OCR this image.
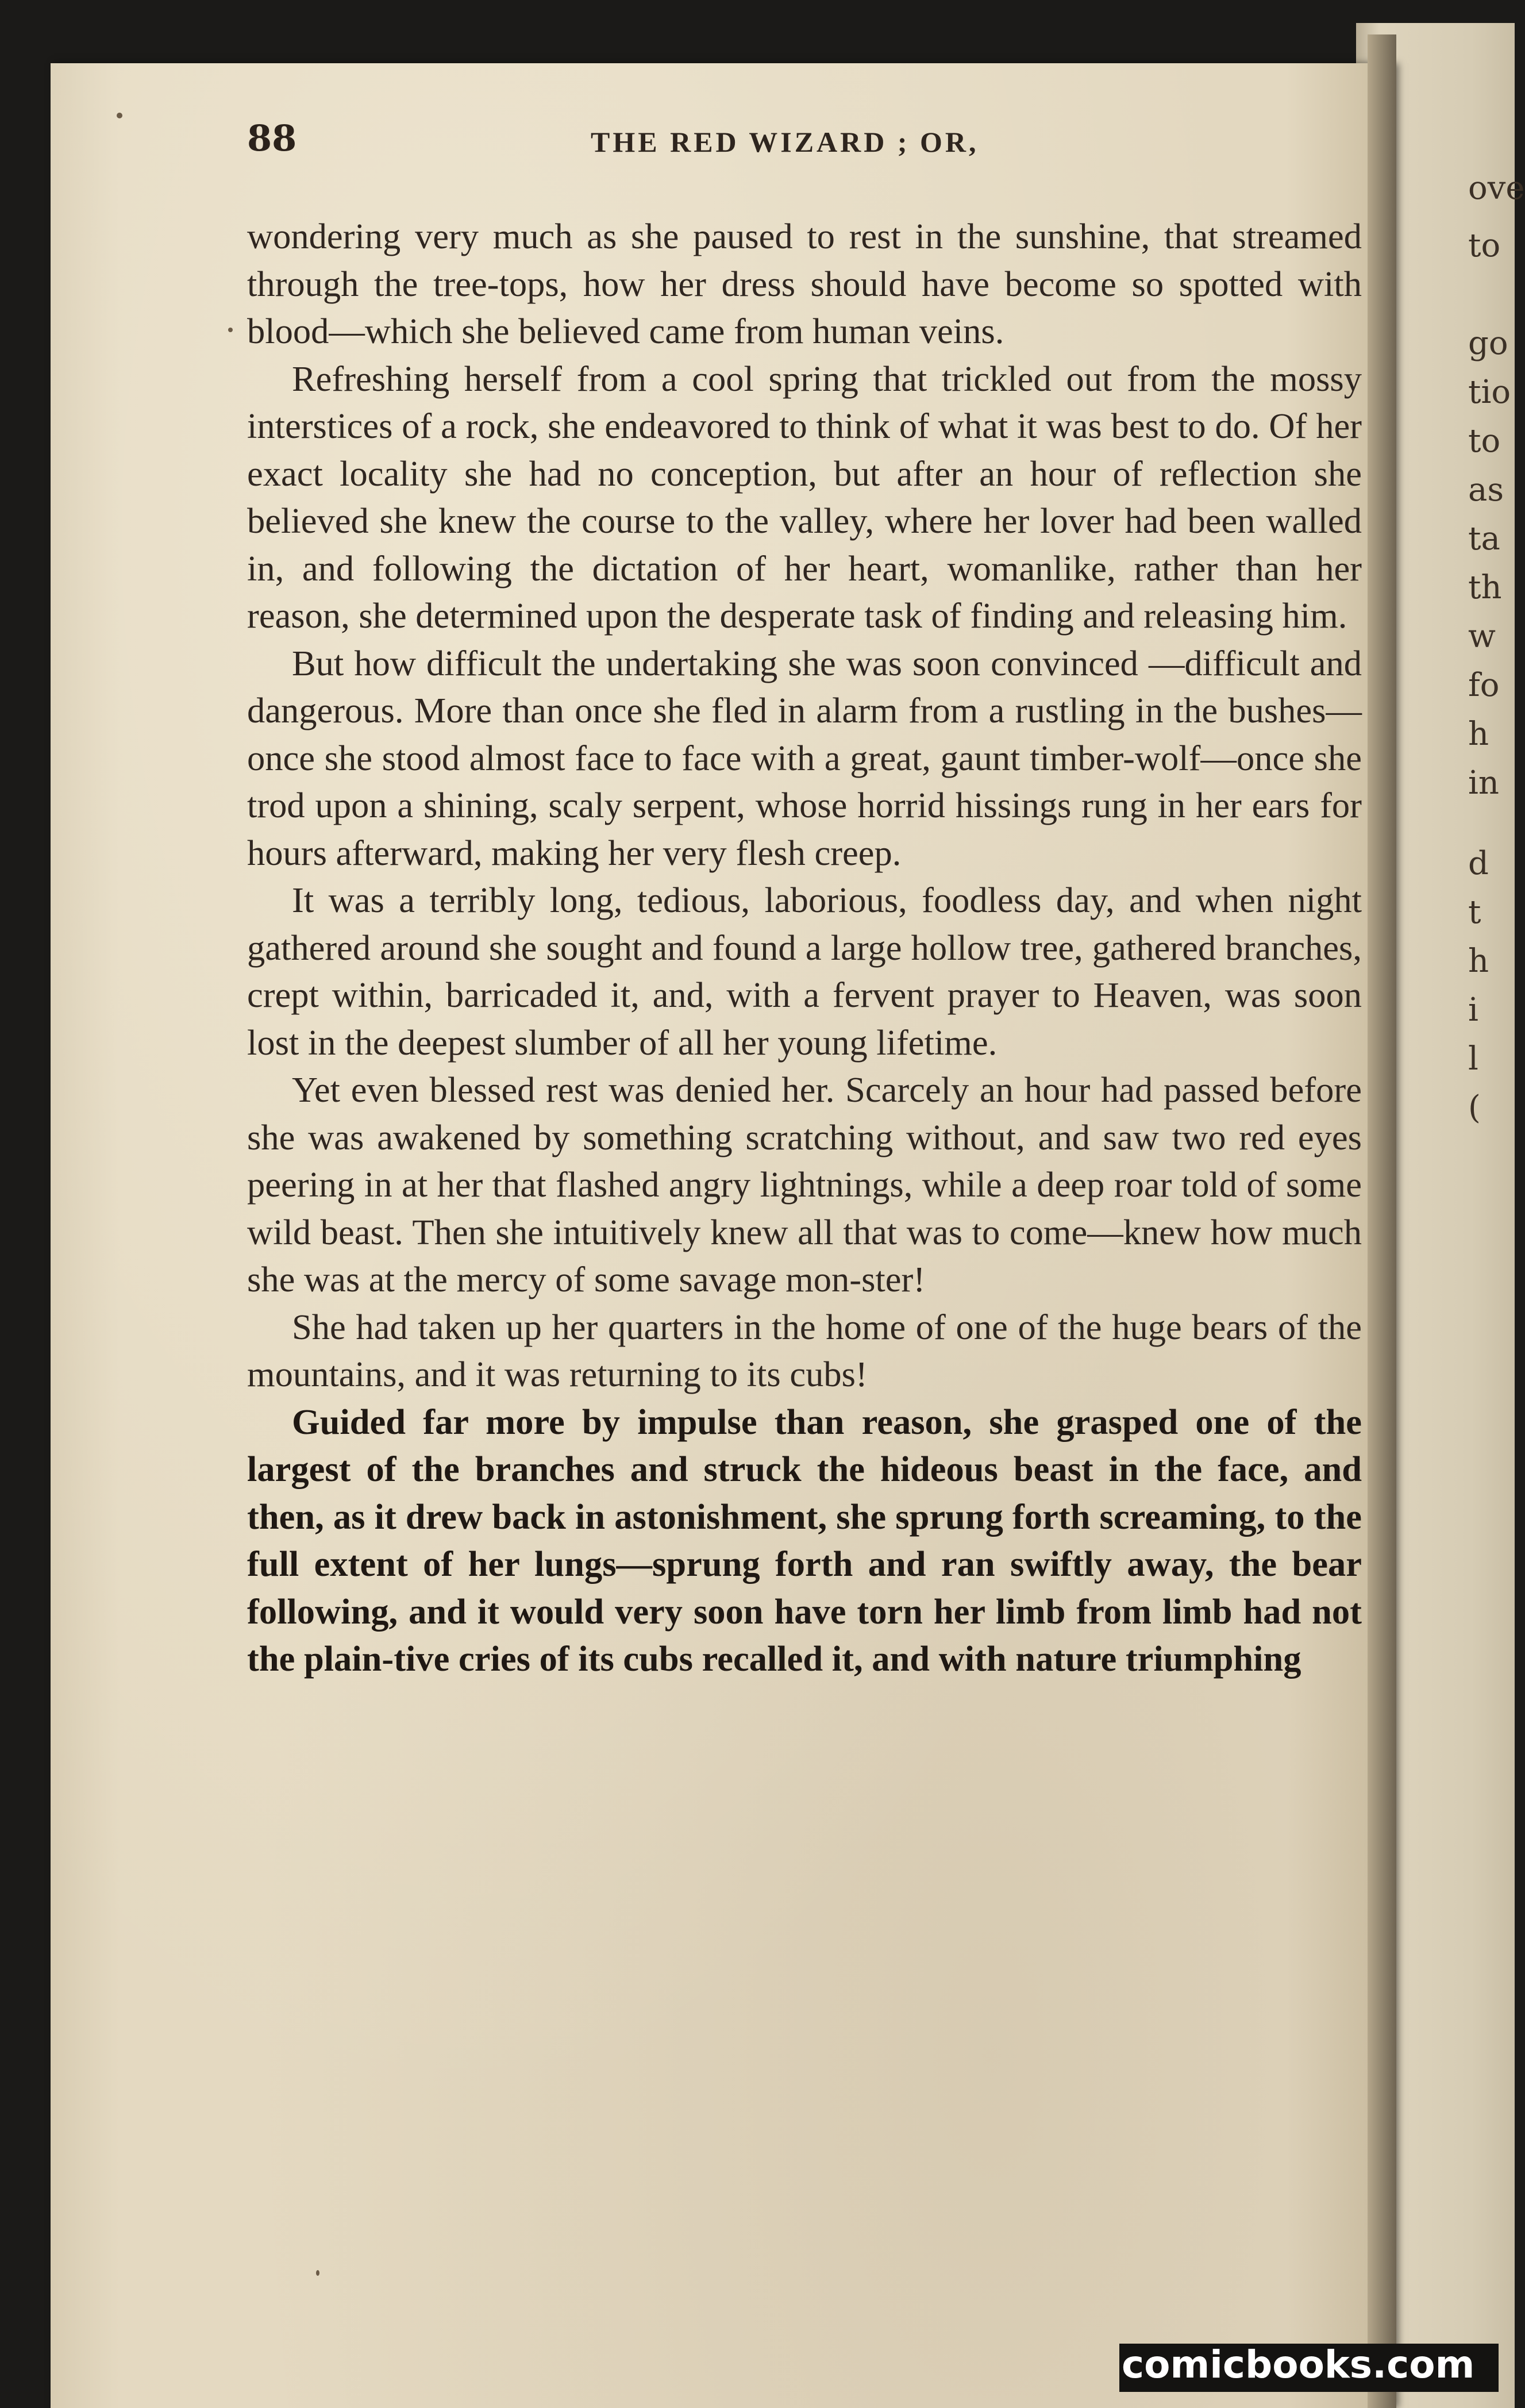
ove
to
go
tio
to
as
ta
th
w
fo
h
in
d
t
h
i
l
(
88	THE RED WIZARD ; OR,

wondering very much as she paused to rest in the sunshine, that streamed through the tree-tops, how her dress should have become so spotted with blood—which she believed came from human veins.

Refreshing herself from a cool spring that trickled out from the mossy interstices of a rock, she endeavored to think of what it was best to do. Of her exact locality she had no conception, but after an hour of reflection she believed she knew the course to the valley, where her lover had been walled in, and following the dictation of her heart, womanlike, rather than her reason, she determined upon the desperate task of finding and releasing him.

But how difficult the undertaking she was soon convinced —difficult and dangerous. More than once she fled in alarm from a rustling in the bushes—once she stood almost face to face with a great, gaunt timber-wolf—once she trod upon a shining, scaly serpent, whose horrid hissings rung in her ears for hours afterward, making her very flesh creep.

It was a terribly long, tedious, laborious, foodless day, and when night gathered around she sought and found a large hollow tree, gathered branches, crept within, barricaded it, and, with a fervent prayer to Heaven, was soon lost in the deepest slumber of all her young lifetime.

Yet even blessed rest was denied her. Scarcely an hour had passed before she was awakened by something scratching without, and saw two red eyes peering in at her that flashed angry lightnings, while a deep roar told of some wild beast. Then she intuitively knew all that was to come—knew how much she was at the mercy of some savage mon-ster!

She had taken up her quarters in the home of one of the huge bears of the mountains, and it was returning to its cubs!

Guided far more by impulse than reason, she grasped one of the largest of the branches and struck the hideous beast in the face, and then, as it drew back in astonishment, she sprung forth screaming, to the full extent of her lungs—sprung forth and ran swiftly away, the bear following, and it would very soon have torn her limb from limb had not the plain-tive cries of its cubs recalled it, and with nature triumphing

comicbooks.com
